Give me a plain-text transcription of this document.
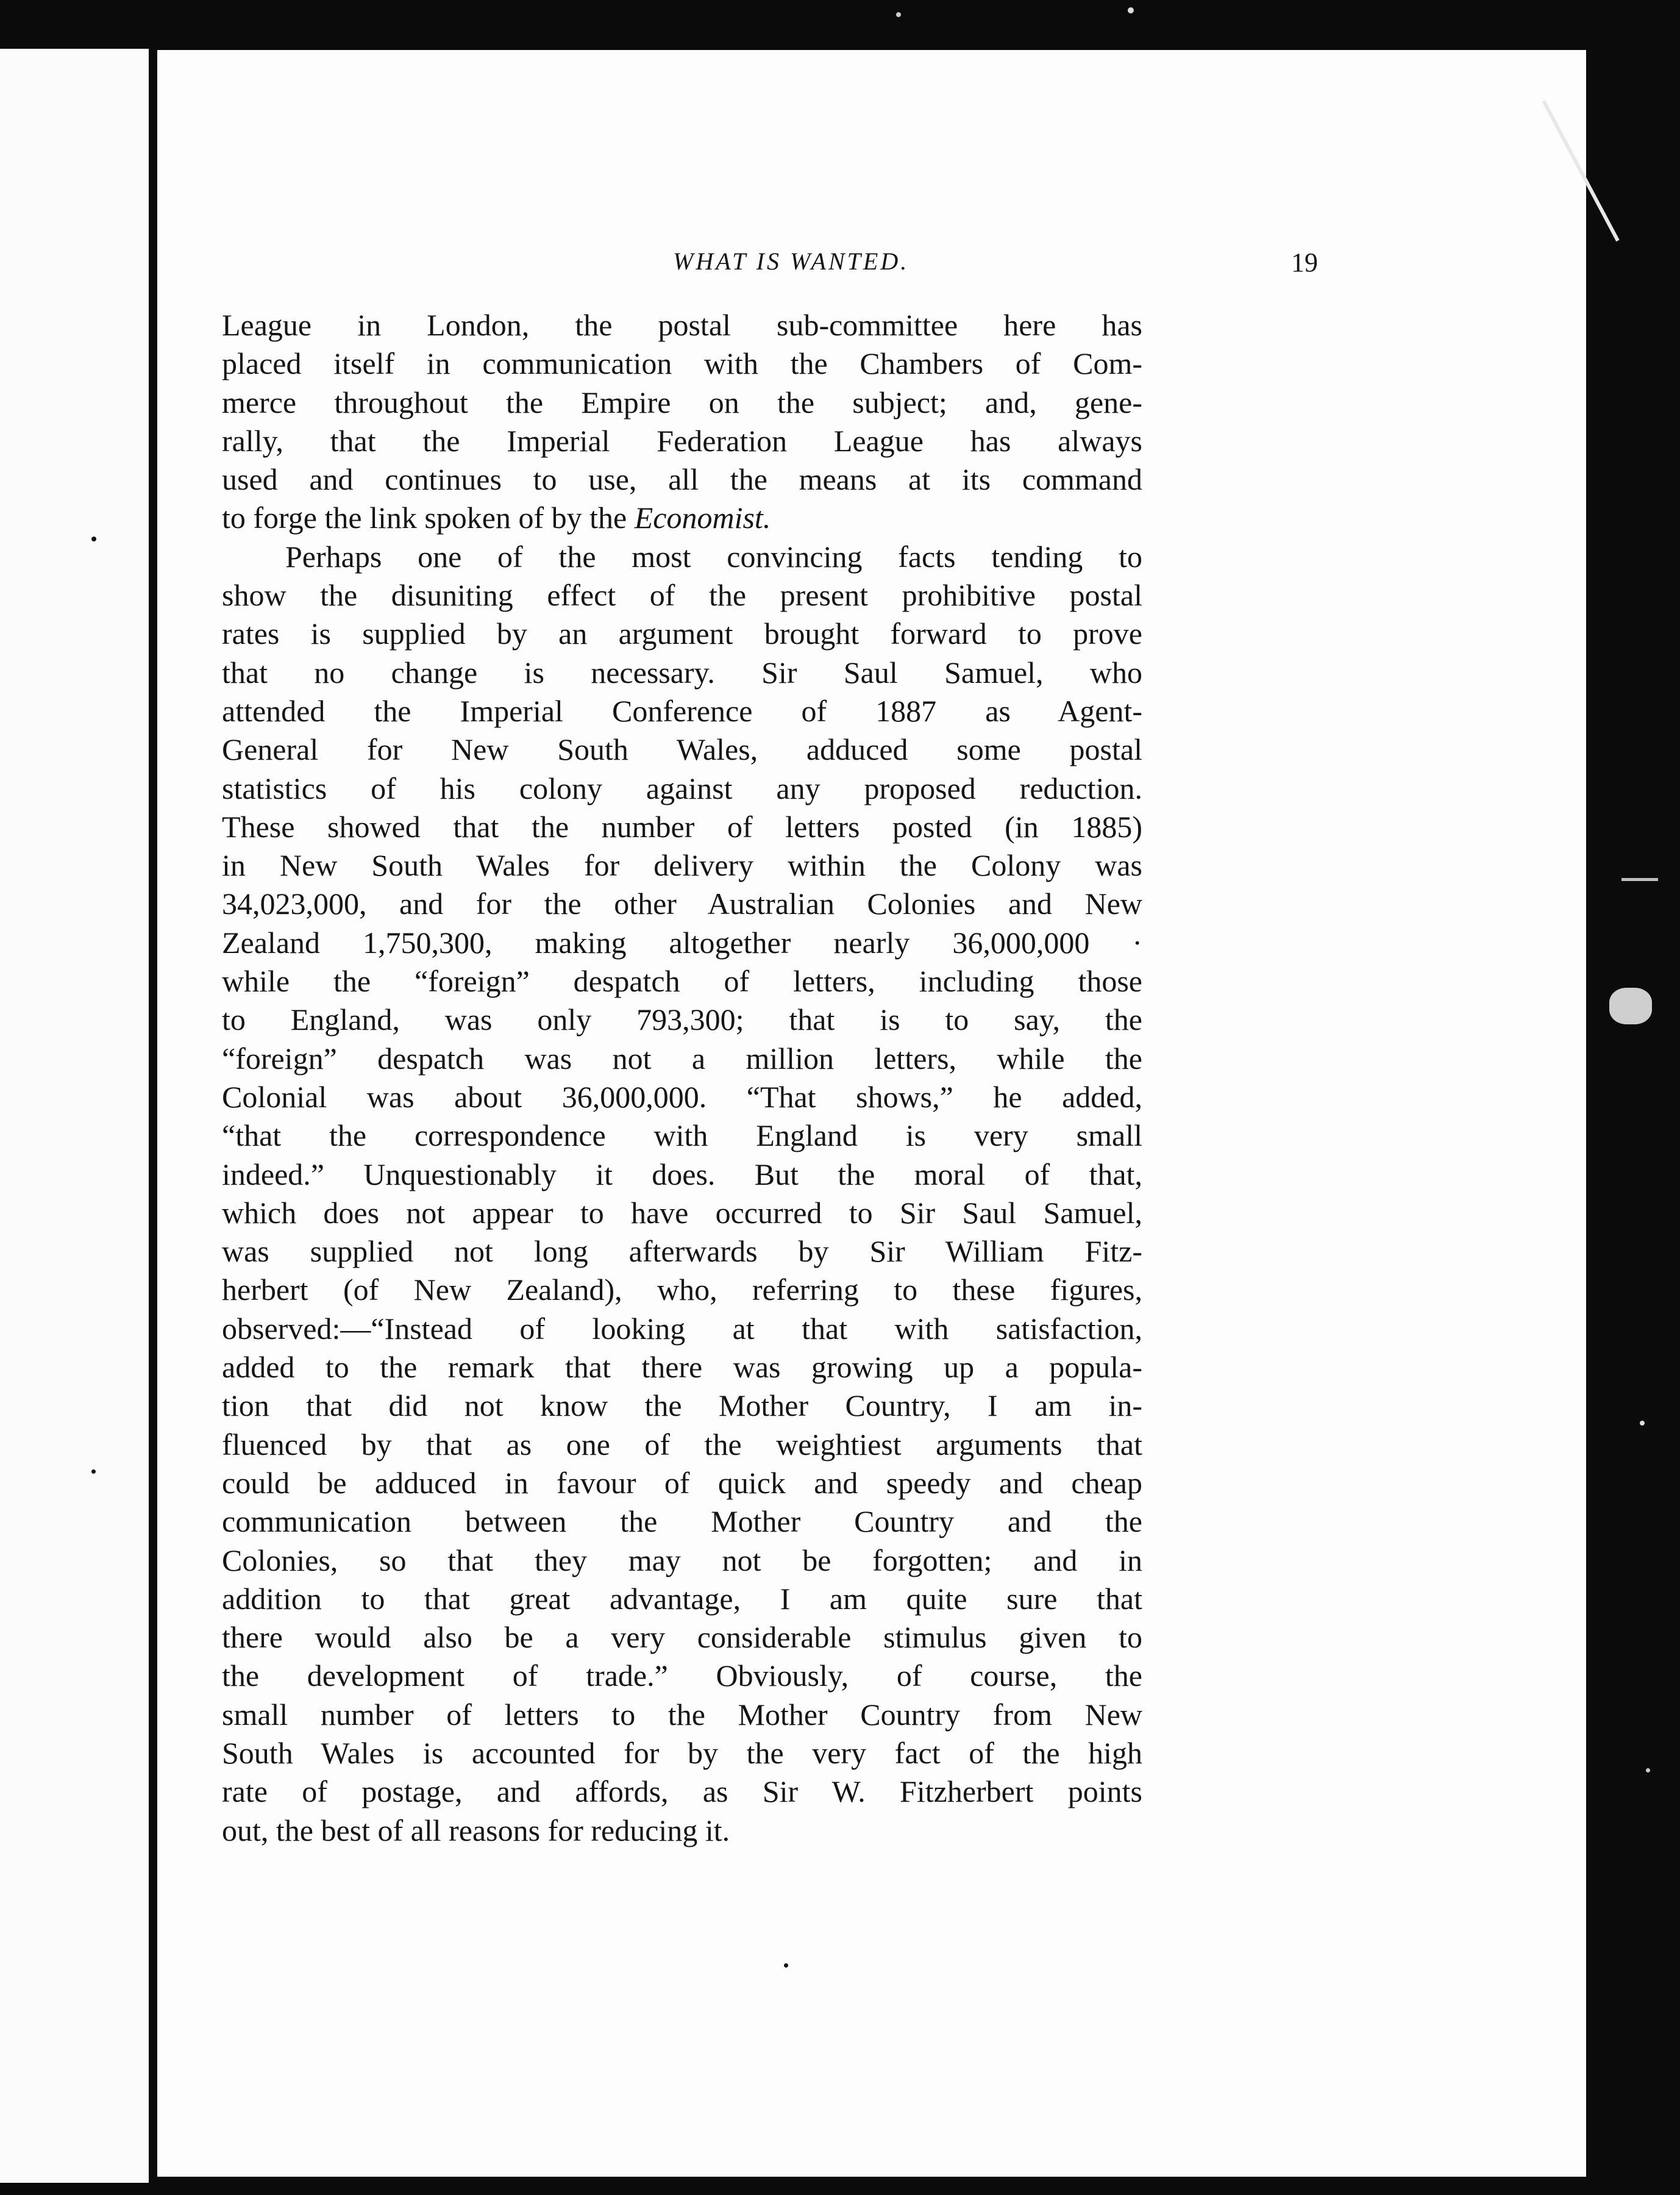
WHAT IS WANTED.	19
League in London, the postal sub-committee here has
placed itself in communication with the Chambers of Com-
merce throughout the Empire on the subject; and, gene-
rally, that the Imperial Federation League has always
used and continues to use, all the means at its command
to forge the link spoken of by the Economist.
Perhaps one of the most convincing facts tending to
show the disuniting effect of the present prohibitive postal
rates is supplied by an argument brought forward to prove
that no change is necessary. Sir Saul Samuel, who
attended the Imperial Conference of 1887 as Agent-
General for New South Wales, adduced some postal
statistics of his colony against any proposed reduction.
These showed that the number of letters posted (in 1885)
in New South Wales for delivery within the Colony was
34,023,000, and for the other Australian Colonies and New
Zealand 1,750,300, making altogether nearly 36,000,000 ·
while the “foreign” despatch of letters, including those
to England, was only 793,300; that is to say, the
“foreign” despatch was not a million letters, while the
Colonial was about 36,000,000. “That shows,” he added,
“that the correspondence with England is very small
indeed.” Unquestionably it does. But the moral of that,
which does not appear to have occurred to Sir Saul Samuel,
was supplied not long afterwards by Sir William Fitz-
herbert (of New Zealand), who, referring to these figures,
observed:—“Instead of looking at that with satisfaction,
added to the remark that there was growing up a popula-
tion that did not know the Mother Country, I am in-
fluenced by that as one of the weightiest arguments that
could be adduced in favour of quick and speedy and cheap
communication between the Mother Country and the
Colonies, so that they may not be forgotten; and in
addition to that great advantage, I am quite sure that
there would also be a very considerable stimulus given to
the development of trade.” Obviously, of course, the
small number of letters to the Mother Country from New
South Wales is accounted for by the very fact of the high
rate of postage, and affords, as Sir W. Fitzherbert points
out, the best of all reasons for reducing it.
